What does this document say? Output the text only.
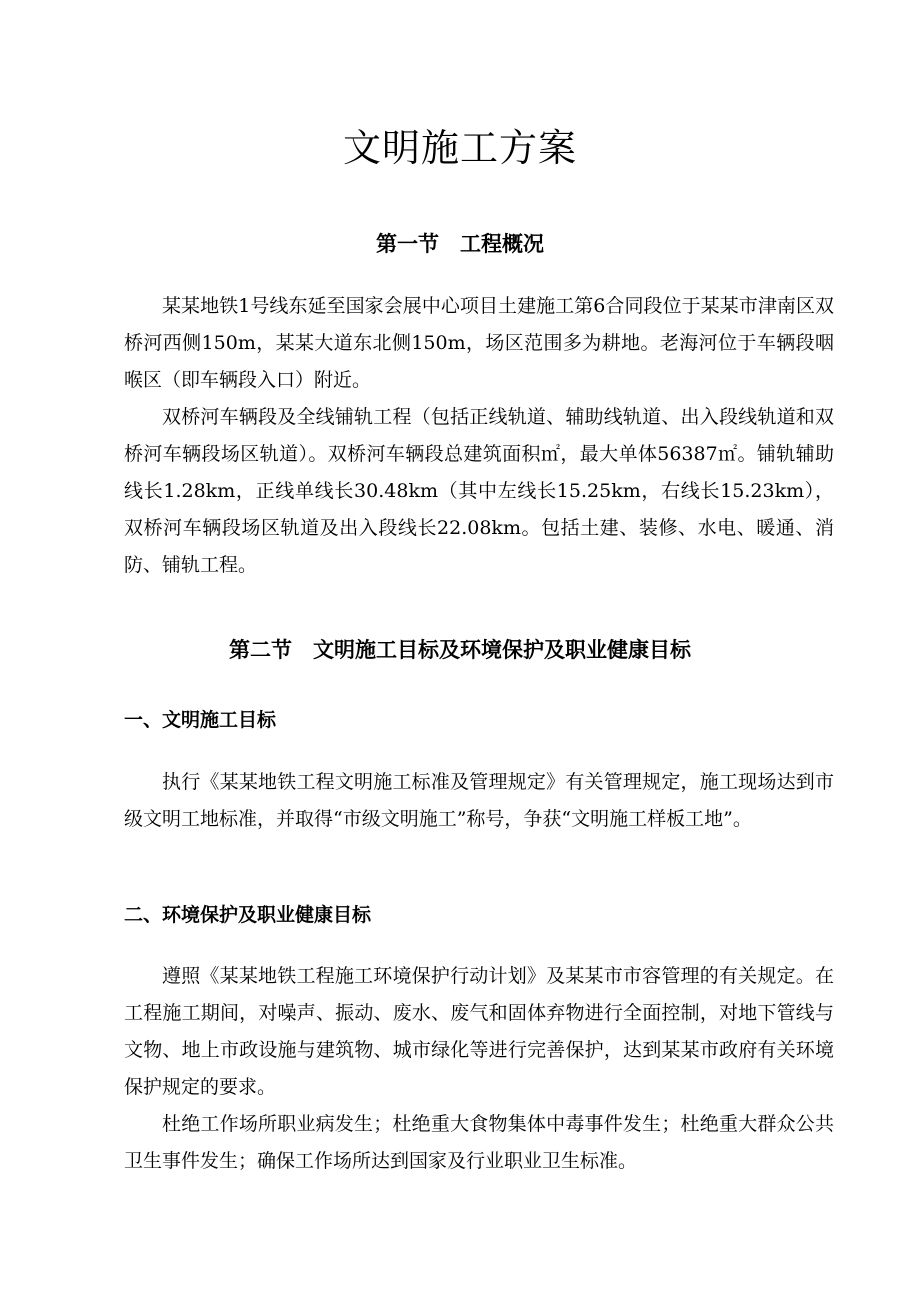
文明施工方案
第一节　工程概况

某某地铁1号线东延至国家会展中心项目土建施工第6合同段位于某某市津南区双桥河西侧150m，某某大道东北侧150m，场区范围多为耕地。老海河位于车辆段咽喉区（即车辆段入口）附近。

双桥河车辆段及全线铺轨工程（包括正线轨道、辅助线轨道、出入段线轨道和双桥河车辆段场区轨道）。双桥河车辆段总建筑面积㎡，最大单体56387㎡。铺轨辅助线长1.28km，正线单线长30.48km（其中左线长15.25km，右线长15.23km），双桥河车辆段场区轨道及出入段线长22.08km。包括土建、装修、水电、暖通、消防、铺轨工程。

第二节　文明施工目标及环境保护及职业健康目标
一、文明施工目标

执行《某某地铁工程文明施工标准及管理规定》有关管理规定，施工现场达到市级文明工地标准，并取得“市级文明施工”称号，争获“文明施工样板工地”。

二、环境保护及职业健康目标

遵照《某某地铁工程施工环境保护行动计划》及某某市市容管理的有关规定。在工程施工期间，对噪声、振动、废水、废气和固体弃物进行全面控制，对地下管线与文物、地上市政设施与建筑物、城市绿化等进行完善保护，达到某某市政府有关环境保护规定的要求。

杜绝工作场所职业病发生；杜绝重大食物集体中毒事件发生；杜绝重大群众公共卫生事件发生；确保工作场所达到国家及行业职业卫生标准。
